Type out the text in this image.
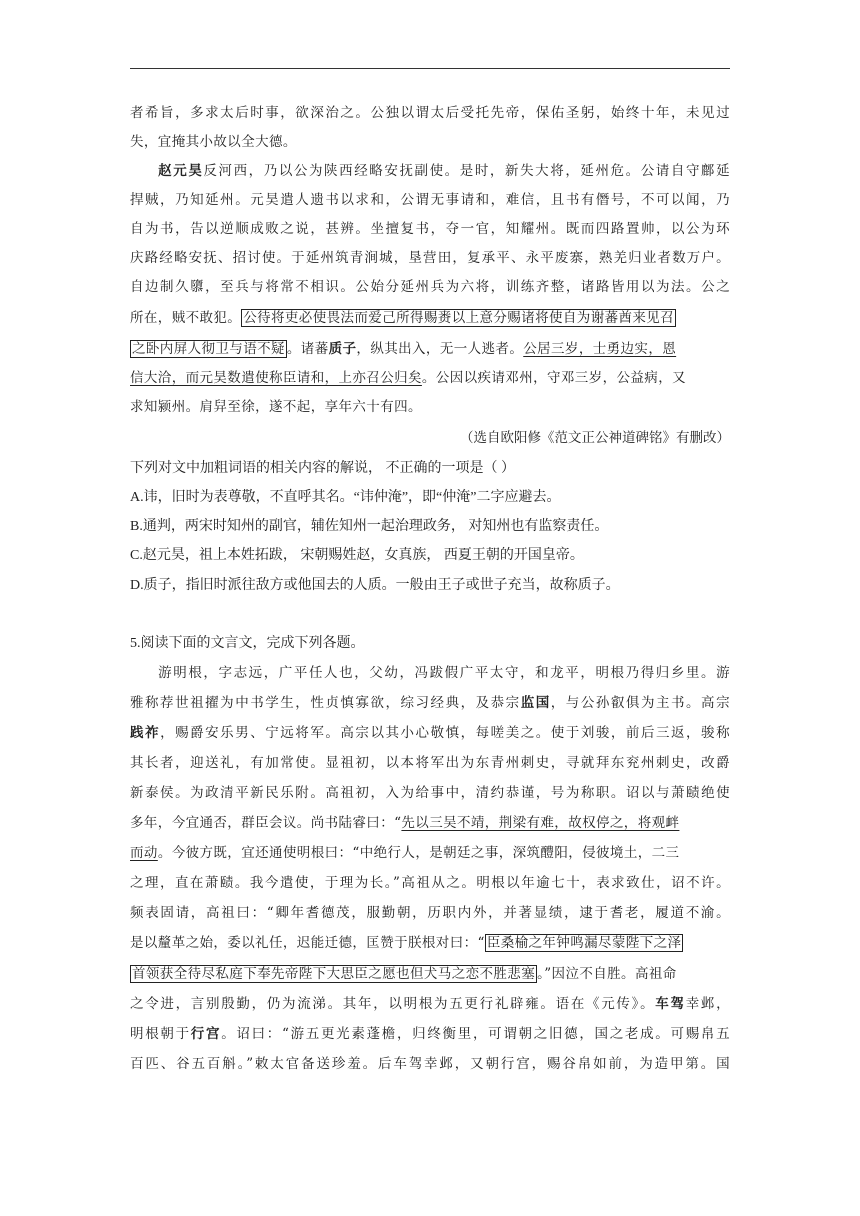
者希旨，多求太后时事，欲深治之。公独以谓太后受托先帝，保佑圣躬，始终十年，未见过
失，宜掩其小故以全大德。
赵元昊反河西，乃以公为陕西经略安抚副使。是时，新失大将，延州危。公请自守鄜延
捍贼，乃知延州。元昊遣人遗书以求和，公谓无事请和，难信，且书有僭号，不可以闻，乃
自为书，告以逆顺成败之说，甚辨。坐擅复书，夺一官，知耀州。既而四路置帅，以公为环
庆路经略安抚、招讨使。于延州筑青涧城，垦营田，复承平、永平废寨，熟羌归业者数万户。
自边制久隳，至兵与将常不相识。公始分延州兵为六将，训练齐整，诸路皆用以为法。公之
所在，贼不敢犯。 公待将吏必使畏法而爱己所得赐赉以上意分赐诸将使自为谢蕃酋来见召
之卧内屏人彻卫与语不疑 。诸蕃质子，纵其出入，无一人逃者。公居三岁，士勇边实，恩
信大洽，而元昊数遣使称臣请和，上亦召公归矣。公因以疾请邓州，守邓三岁，公益病，又
求知颍州。肩舁至徐，遂不起，享年六十有四。
（选自欧阳修《范文正公神道碑铭》有删改）
下列对文中加粗词语的相关内容的解说， 不正确的一项是（ ）
A.讳，旧时为表尊敬，不直呼其名。“讳仲淹”，即“仲淹”二字应避去。
B.通判，两宋时知州的副官，辅佐知州一起治理政务， 对知州也有监察责任。
C.赵元昊，祖上本姓拓跋， 宋朝赐姓赵，女真族， 西夏王朝的开国皇帝。
D.质子，指旧时派往敌方或他国去的人质。一般由王子或世子充当，故称质子。
5.阅读下面的文言文，完成下列各题。
游明根，字志远，广平任人也，父幼，冯跋假广平太守，和龙平，明根乃得归乡里。游
雅称荐世祖擢为中书学生，性贞慎寡欲，综习经典，及恭宗监国，与公孙叡俱为主书。高宗
践祚，赐爵安乐男、宁远将军。高宗以其小心敬慎，每嗟美之。使于刘骏，前后三返，骏称
其长者，迎送礼，有加常使。显祖初，以本将军出为东青州刺史，寻就拜东兖州刺史，改爵
新泰侯。为政清平新民乐附。高祖初，入为给事中，清约恭谨，号为称职。诏以与萧赜绝使
多年，今宜通否，群臣会议。尚书陆睿曰：“先以三吴不靖，荆梁有难，故权停之，将观衅
而动。今彼方既，宜还通使明根曰：“中绝行人，是朝廷之事，深筑醴阳，侵彼境土，二三
之理，直在萧赜。我今遣使，于理为长。”高祖从之。明根以年逾七十，表求致仕，诏不许。
频表固请，高祖曰：“卿年耆德茂，服勤朝，历职内外，并著显绩，逮于耆老，履道不渝。
是以釐革之始，委以礼任，迟能迁德，匡赞于朕根对曰：“ 臣桑榆之年钟鸣漏尽蒙陛下之泽
首领获全待尽私庭下奉先帝陛下大思臣之愿也但犬马之恋不胜悲塞 。”因泣不自胜。高祖命
之令进，言别殷勤，仍为流涕。其年，以明根为五更行礼辟雍。语在《元传》。车驾幸邺，
明根朝于行宫。诏曰：“游五更光素蓬檐，归终衡里，可谓朝之旧德，国之老成。可赐帛五
百匹、谷五百斛。”敕太官备送珍羞。后车驾幸邺，又朝行宫，赐谷帛如前，为造甲第。国
